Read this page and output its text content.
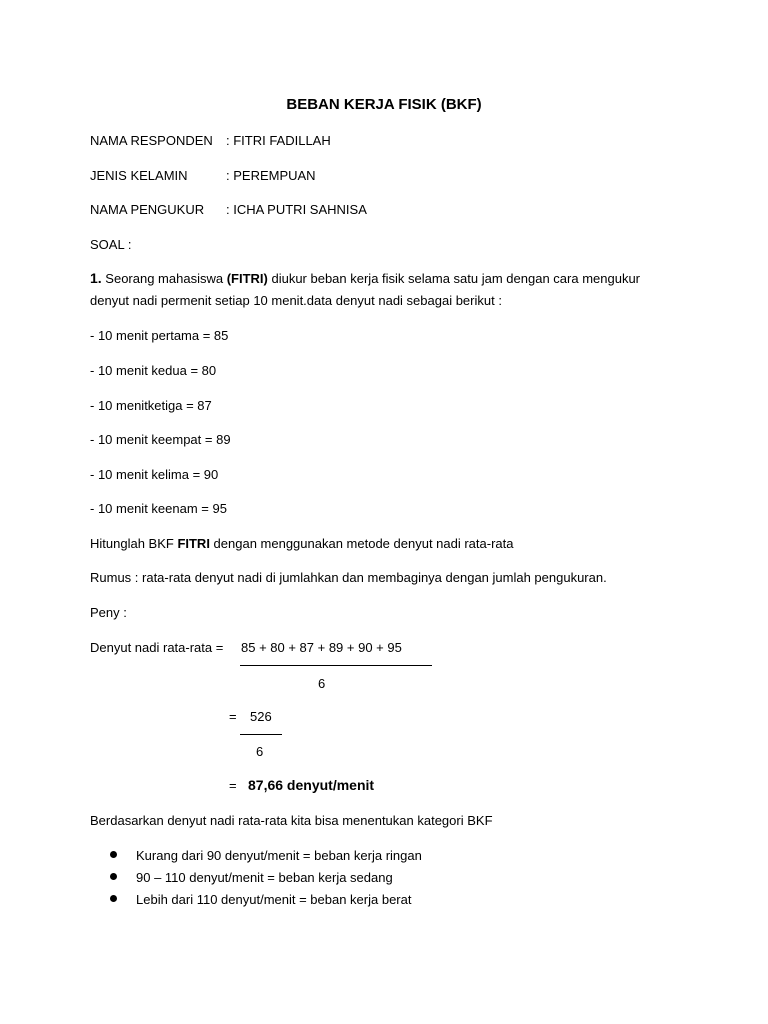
BEBAN KERJA FISIK (BKF)
NAMA RESPONDEN : FITRI FADILLAH
JENIS KELAMIN	: PEREMPUAN
NAMA PENGUKUR : ICHA PUTRI SAHNISA
SOAL :
1. Seorang mahasiswa (FITRI) diukur beban kerja fisik selama satu jam dengan cara mengukur
denyut nadi permenit setiap 10 menit.data denyut nadi sebagai berikut :
- 10 menit pertama = 85
- 10 menit kedua = 80
- 10 menitketiga = 87
- 10 menit keempat = 89
- 10 menit kelima = 90
- 10 menit keenam = 95
Hitunglah BKF FITRI dengan menggunakan metode denyut nadi rata-rata
Rumus : rata-rata denyut nadi di jumlahkan dan membaginya dengan jumlah pengukuran.
Peny :
Denyut nadi rata-rata = 85 + 80 + 87 + 89 + 90 + 95
6
= 526
6
= 87,66 denyut/menit
Berdasarkan denyut nadi rata-rata kita bisa menentukan kategori BKF
Kurang dari 90 denyut/menit = beban kerja ringan
90 – 110 denyut/menit = beban kerja sedang
Lebih dari 110 denyut/menit = beban kerja berat
